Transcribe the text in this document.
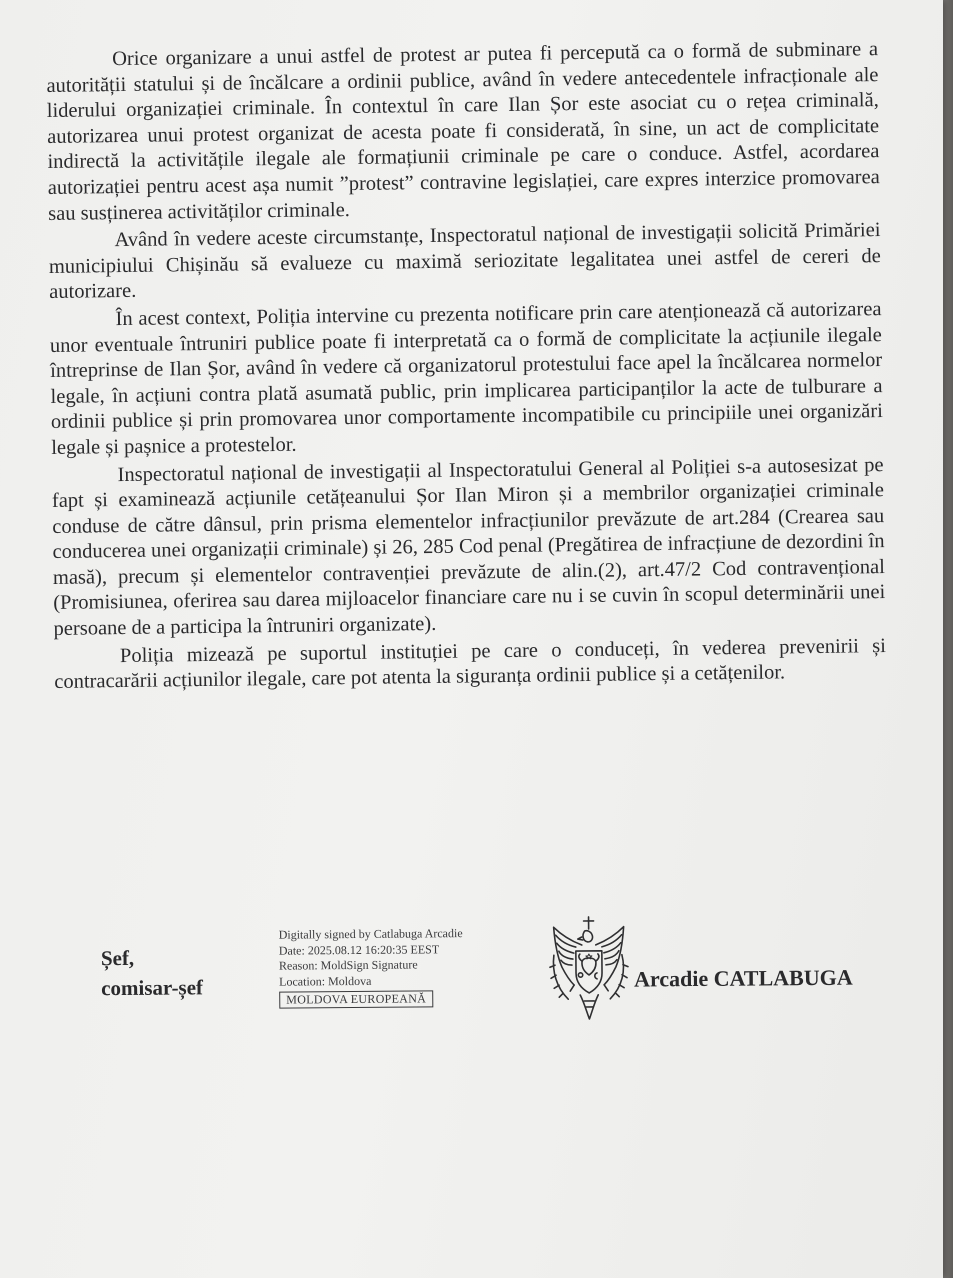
Orice organizare a unui astfel de protest ar putea fi percepută ca o formă de subminare a autorității statului și de încălcare a ordinii publice, având în vedere antecedentele infracționale ale liderului organizației criminale. În contextul în care Ilan Șor este asociat cu o rețea criminală, autorizarea unui protest organizat de acesta poate fi considerată, în sine, un act de complicitate indirectă la activitățile ilegale ale formațiunii criminale pe care o conduce. Astfel, acordarea autorizației pentru acest așa numit ”protest” contravine legislației, care expres interzice promovarea sau susținerea activităților criminale.

Având în vedere aceste circumstanțe, Inspectoratul național de investigații solicită Primăriei municipiului Chișinău să evalueze cu maximă seriozitate legalitatea unei astfel de cereri de autorizare.

În acest context, Poliția intervine cu prezenta notificare prin care atenționează că autorizarea unor eventuale întruniri publice poate fi interpretată ca o formă de complicitate la acțiunile ilegale întreprinse de Ilan Șor, având în vedere că organizatorul protestului face apel la încălcarea normelor legale, în acțiuni contra plată asumată public, prin implicarea participanților la acte de tulburare a ordinii publice și prin promovarea unor comportamente incompatibile cu principiile unei organizări legale și pașnice a protestelor.

Inspectoratul național de investigații al Inspectoratului General al Poliției s-a autosesizat pe fapt și examinează acțiunile cetățeanului Șor Ilan Miron și a membrilor organizației criminale conduse de către dânsul, prin prisma elementelor infracțiunilor prevăzute de art.284 (Crearea sau conducerea unei organizații criminale) și 26, 285 Cod penal (Pregătirea de infracțiune de dezordini în masă), precum și elementelor contravenției prevăzute de alin.(2), art.47/2 Cod contravențional (Promisiunea, oferirea sau darea mijloacelor financiare care nu i se cuvin în scopul determinării unei persoane de a participa la întruniri organizate).

Poliția mizează pe suportul instituției pe care o conduceți, în vederea prevenirii și contracarării acțiunilor ilegale, care pot atenta la siguranța ordinii publice și a cetățenilor.

Șef,
comisar-șef
Digitally signed by Catlabuga Arcadie
Date: 2025.08.12 16:20:35 EEST
Reason: MoldSign Signature
Location: Moldova
MOLDOVA EUROPEANĂ
Arcadie CATLABUGA
